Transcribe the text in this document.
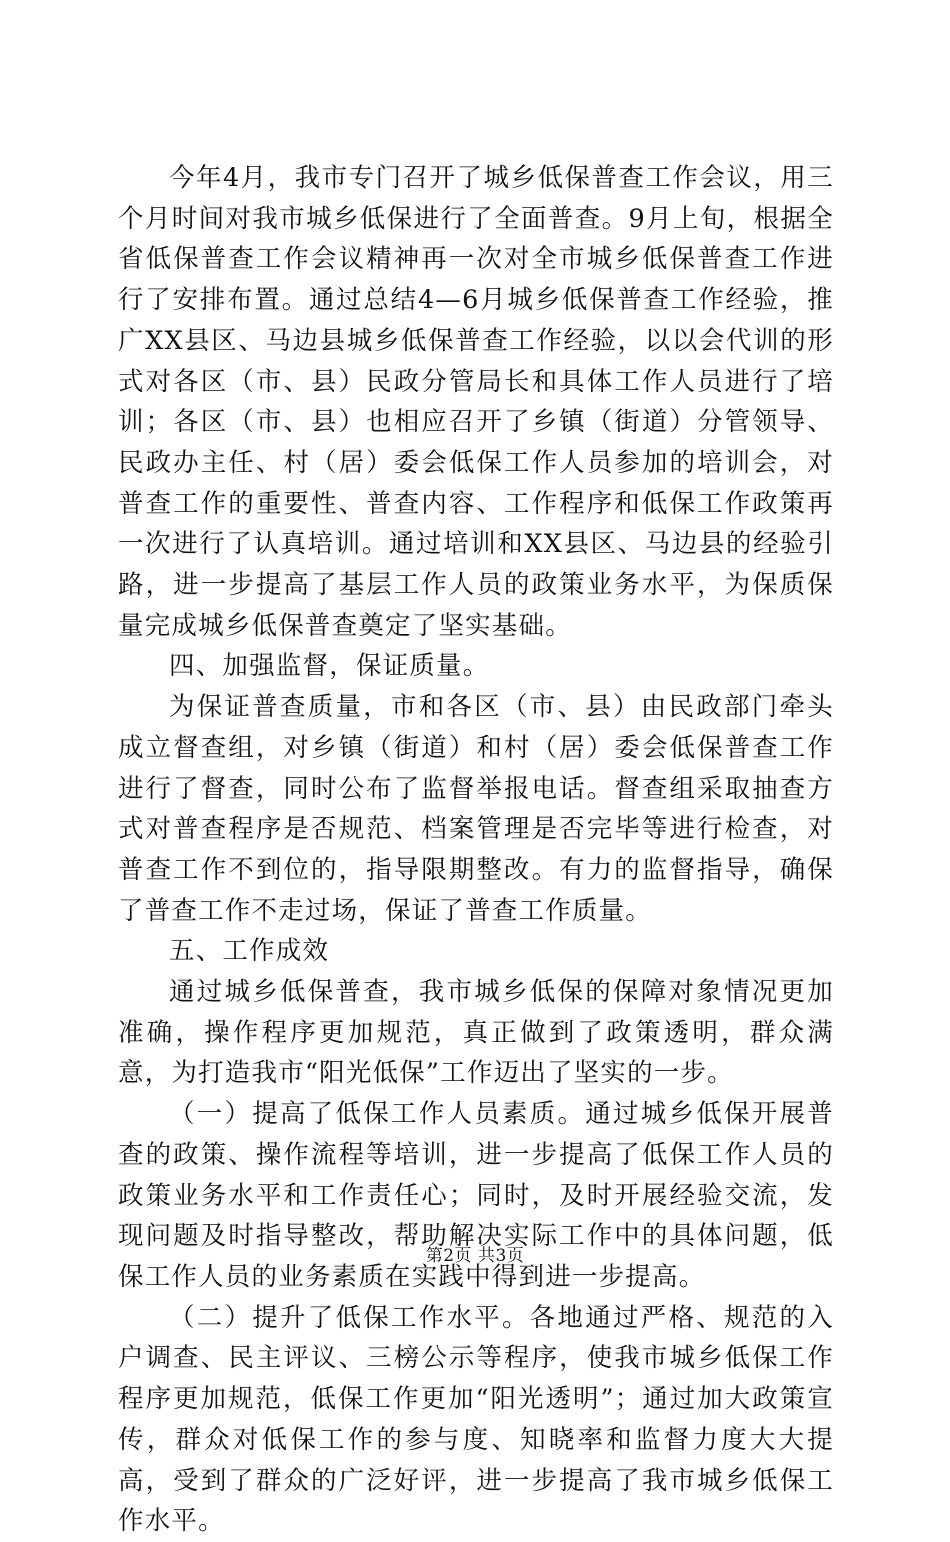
今年4月，我市专门召开了城乡低保普查工作会议，用三个月时间对我市城乡低保进行了全面普查。9月上旬，根据全省低保普查工作会议精神再一次对全市城乡低保普查工作进行了安排布置。通过总结4—6月城乡低保普查工作经验，推广XX县区、马边县城乡低保普查工作经验，以以会代训的形式对各区（市、县）民政分管局长和具体工作人员进行了培训；各区（市、县）也相应召开了乡镇（街道）分管领导、民政办主任、村（居）委会低保工作人员参加的培训会，对普查工作的重要性、普查内容、工作程序和低保工作政策再一次进行了认真培训。通过培训和XX县区、马边县的经验引路，进一步提高了基层工作人员的政策业务水平，为保质保量完成城乡低保普查奠定了坚实基础。

四、加强监督，保证质量。

为保证普查质量，市和各区（市、县）由民政部门牵头成立督查组，对乡镇（街道）和村（居）委会低保普查工作进行了督查，同时公布了监督举报电话。督查组采取抽查方式对普查程序是否规范、档案管理是否完毕等进行检查，对普查工作不到位的，指导限期整改。有力的监督指导，确保了普查工作不走过场，保证了普查工作质量。

五、工作成效

通过城乡低保普查，我市城乡低保的保障对象情况更加准确，操作程序更加规范，真正做到了政策透明，群众满意，为打造我市“阳光低保”工作迈出了坚实的一步。

（一）提高了低保工作人员素质。通过城乡低保开展普查的政策、操作流程等培训，进一步提高了低保工作人员的政策业务水平和工作责任心；同时，及时开展经验交流，发现问题及时指导整改，帮助解决实际工作中的具体问题，低保工作人员的业务素质在实践中得到进一步提高。

（二）提升了低保工作水平。各地通过严格、规范的入户调查、民主评议、三榜公示等程序，使我市城乡低保工作程序更加规范，低保工作更加“阳光透明”；通过加大政策宣传，群众对低保工作的参与度、知晓率和监督力度大大提高，受到了群众的广泛好评，进一步提高了我市城乡低保工作水平。

第2页 共3页
